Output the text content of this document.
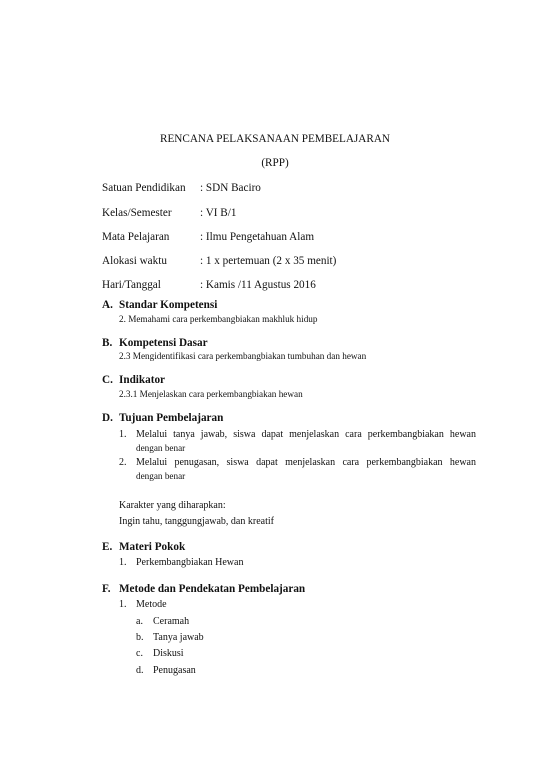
RENCANA PELAKSANAAN PEMBELAJARAN
(RPP)
Satuan Pendidikan : SDN Baciro
Kelas/Semester	: VI B/1
Mata Pelajaran	: Ilmu Pengetahuan Alam
Alokasi waktu	: 1 x pertemuan (2 x 35 menit)
Hari/Tanggal	: Kamis /11 Agustus 2016
A. Standar Kompetensi
2. Memahami cara perkembangbiakan makhluk hidup
B. Kompetensi Dasar
2.3 Mengidentifikasi cara perkembangbiakan tumbuhan dan hewan
C. Indikator
2.3.1 Menjelaskan cara perkembangbiakan hewan
D. Tujuan Pembelajaran
1. Melalui tanya jawab, siswa dapat menjelaskan cara perkembangbiakan hewan
dengan benar
2. Melalui penugasan, siswa dapat menjelaskan cara perkembangbiakan hewan
dengan benar
Karakter yang diharapkan:
Ingin tahu, tanggungjawab, dan kreatif
E. Materi Pokok
1. Perkembangbiakan Hewan
F. Metode dan Pendekatan Pembelajaran
1. Metode
a. Ceramah
b. Tanya jawab
c. Diskusi
d. Penugasan
